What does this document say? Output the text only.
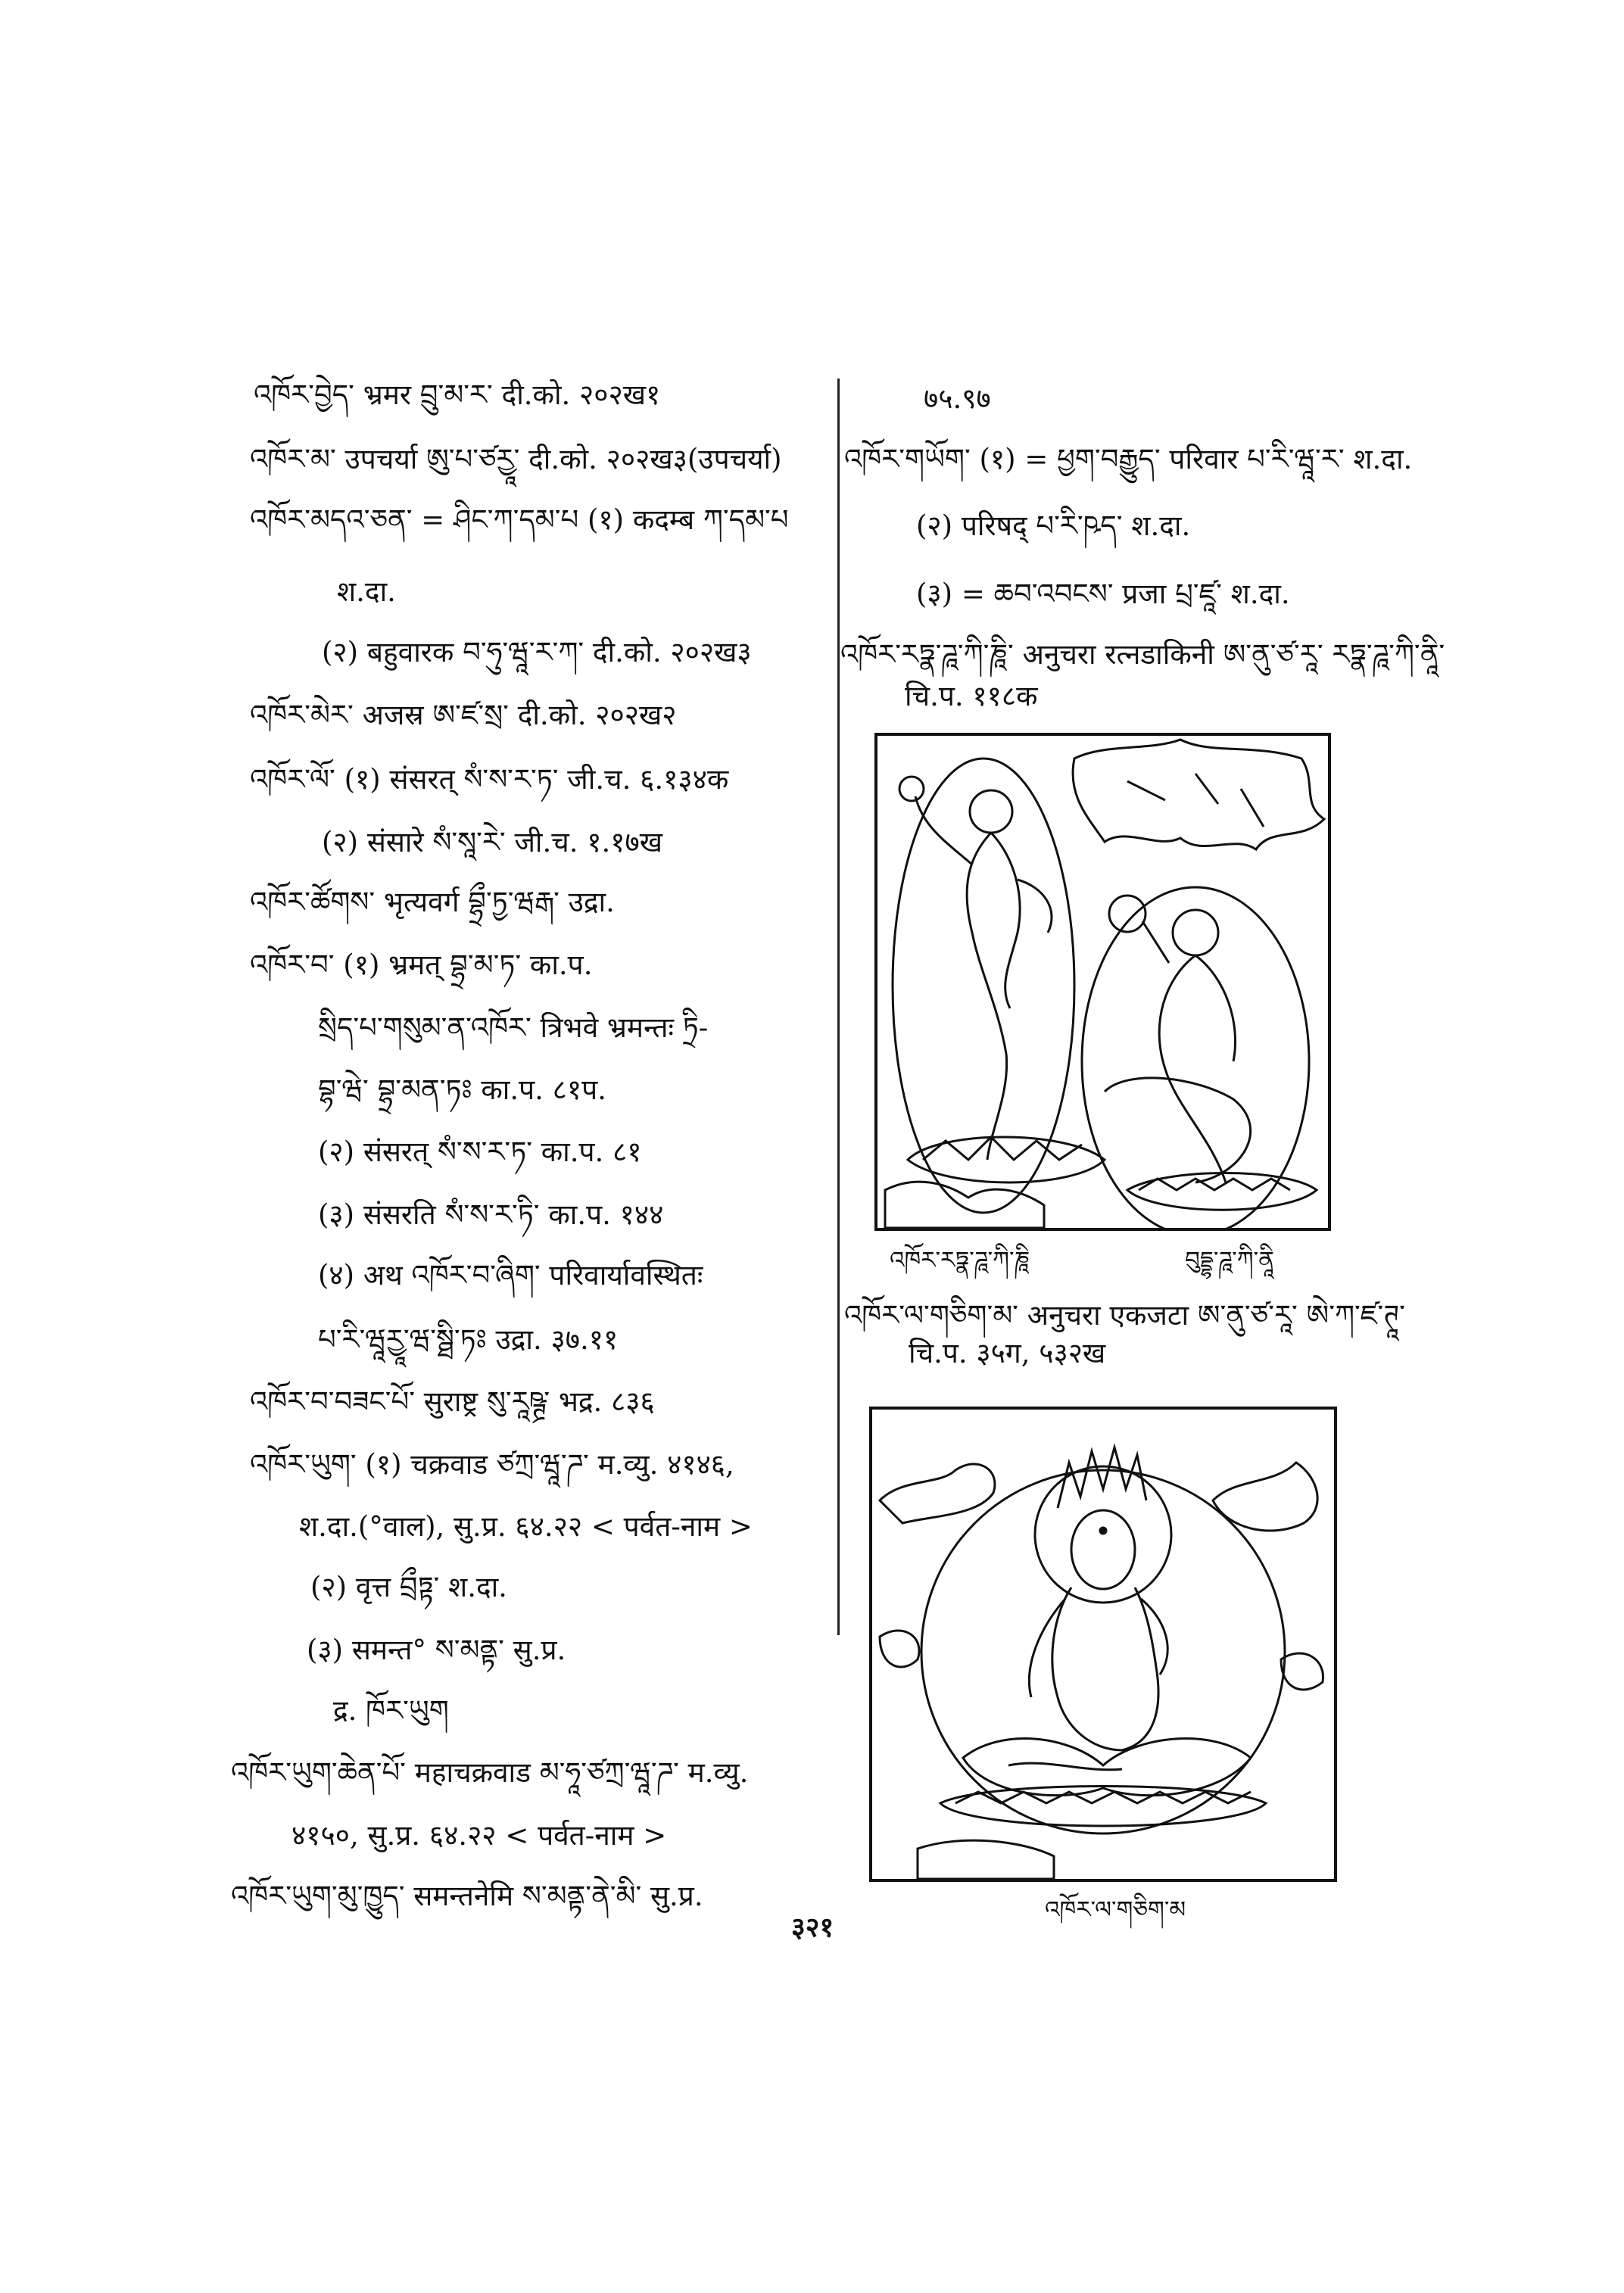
འཁོར་བྱེད་ भ्रमर བྲུ་མ་ར་ दी.को. २०२ख१
འཁོར་མ་ उपचर्या ཨུ་པ་ཙརྱཱ་ दी.को. २०२ख३(उपचर्या)
འཁོར་མདའ་ཅན་ = ཤིང་ཀ་དམ་པ (१) कदम्ब ཀ་དམ་པ
श.दा.
(२) बहुवारक བ་ཧུ་ཝཱ་ར་ཀ་ दी.को. २०२ख३
འཁོར་མེར་ अजस्र ཨ་ཛ་སྲ་ दी.को. २०२ख२
འཁོར་ལོ་ (१) संसरत् སཾ་ས་ར་ཏ་ जी.च. ६.१३४क
(२) संसारे སཾ་སཱ་རེ་ जी.च. १.१७ख
འཁོར་ཚོགས་ भृत्यवर्ग བྷྲྀ་ཏྱ་ཝརྒ་ उद्रा.
འཁོར་བ་ (१) भ्रमत् བྷྲ་མ་ཏ་ का.प.
སྲིད་པ་གསུམ་ན་འཁོར་ त्रिभवे भ्रमन्तः ཏྲི-
བྷ་ཝེ་ བྷྲ་མན་ཏཿ का.प. ८१प.
(२) संसरत् སཾ་ས་ར་ཏ་ का.प. ८१
(३) संसरति སཾ་ས་ར་ཏི་ का.प. १४४
(४) अथ འཁོར་བ་ཞིག་ परिवार्यावस्थितः
པ་རི་ཝཱརྱཱ་ཝ་སྠི་ཏཿ उद्रा. ३७.११
འཁོར་བ་བཟང་པོ་ सुराष्ट्र སུ་རཱཥྚྲ་ भद्र. ८३६
འཁོར་ཡུག་ (१) चक्रवाड ཙཀྲ་ཝཱ་ཌ་ म.व्यु. ४१४६,
श.दा.(°वाल), सु.प्र. ६४.२२ < पर्वत-नाम >
(२) वृत्त བྲྀཏྟ་ श.दा.
(३) समन्त° ས་མནྟ་ सु.प्र.
द्र. ཁོར་ཡུག
འཁོར་ཡུག་ཆེན་པོ་ महाचक्रवाड མ་ཧཱ་ཙཀྲ་ཝཱ་ཌ་ म.व्यु.
४१५०, सु.प्र. ६४.२२ < पर्वत-नाम >
འཁོར་ཡུག་མུ་ཁྱུད་ समन्तनेमि ས་མནྟ་ནེ་མི་ सु.प्र.
७५.९७
འཁོར་གཡོག་ (१) = ཕྱག་བརྒྱུད་ परिवार པ་རི་ཝཱ་ར་ श.दा.
(२) परिषद् པ་རི་ཥད་ श.दा.
(३) = ཆབ་འབངས་ प्रजा པྲ་ཛཱ་ श.दा.
འཁོར་རཏྣ་ཌཱ་ཀི་ཎཱི་ अनुचरा रत्नडाकिनी ཨ་ནུ་ཙ་རཱ་ རཏྣ་ཌཱ་ཀི་ནཱི་
चि.प. ११८क
འཁོར་རཏྣ་ཌཱ་ཀི་ཎཱི	བུདྡྷ་ཌཱ་ཀི་ནཱི
འཁོར་ལ་གཅིག་མ་ अनुचरा एकजटा ཨ་ནུ་ཙ་རཱ་ ཨེ་ཀ་ཛ་ཊཱ་
चि.प. ३५ग, ५३२ख
འཁོར་ལ་གཅིག་མ
३२१
